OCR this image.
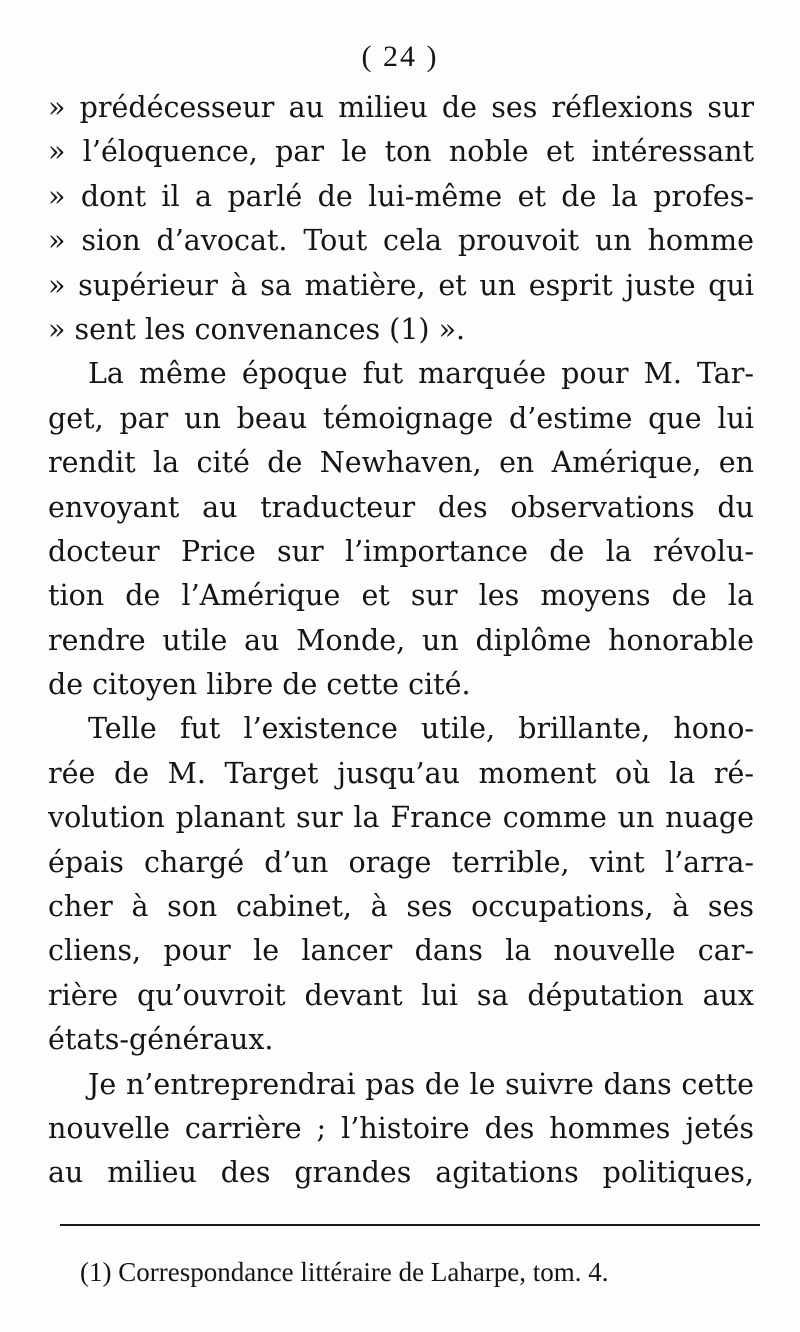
( 24 )
» prédécesseur au milieu de ses réflexions sur
» l’éloquence, par le ton noble et intéressant
» dont il a parlé de lui-même et de la profes-
» sion d’avocat. Tout cela prouvoit un homme
» supérieur à sa matière, et un esprit juste qui
» sent les convenances (1) ».
La même époque fut marquée pour M. Tar-
get, par un beau témoignage d’estime que lui
rendit la cité de Newhaven, en Amérique, en
envoyant au traducteur des observations du
docteur Price sur l’importance de la révolu-
tion de l’Amérique et sur les moyens de la
rendre utile au Monde, un diplôme honorable
de citoyen libre de cette cité.
Telle fut l’existence utile, brillante, hono-
rée de M. Target jusqu’au moment où la ré-
volution planant sur la France comme un nuage
épais chargé d’un orage terrible, vint l’arra-
cher à son cabinet, à ses occupations, à ses
cliens, pour le lancer dans la nouvelle car-
rière qu’ouvroit devant lui sa députation aux
états-généraux.
Je n’entreprendrai pas de le suivre dans cette
nouvelle carrière ; l’histoire des hommes jetés
au milieu des grandes agitations politiques,
(1) Correspondance littéraire de Laharpe, tom. 4.
